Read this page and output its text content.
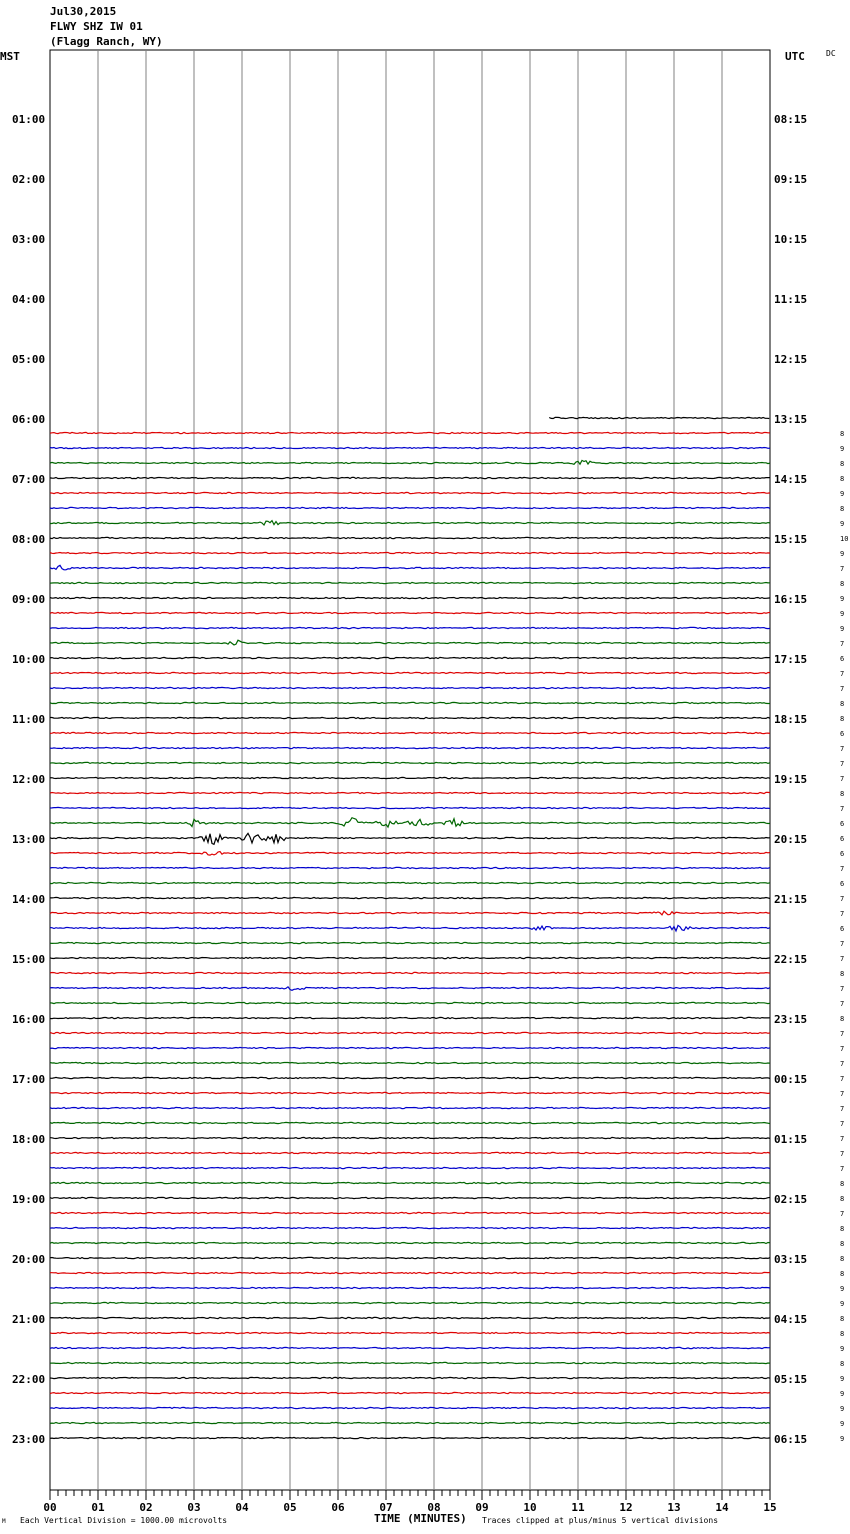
Jul30,2015
FLWY SHZ IW 01
(Flagg Ranch, WY)
MST	UTC	DC
00	01	02	03	04	05	06	07	08	09	10	11	12	13	14	15
01:00
02:00
03:00
04:00
05:00
06:00
07:00
08:00
09:00
10:00
11:00
12:00
13:00
14:00
15:00
16:00
17:00
18:00
19:00
20:00
21:00
22:00
23:00
08:15
09:15
10:15
11:15
12:15
13:15
14:15
15:15
16:15
17:15
18:15
19:15
20:15
21:15
22:15
23:15
00:15
01:15
02:15
03:15
04:15
05:15
06:15
8
9
8
8
9
8
9
10
9
7
8
9
9
9
7
6
7
7
8
8
6
7
7
7
8
7
6
6
6
7
6
7
7
6
7
7
8
7
7
8
7
7
7
7
7
7
7
7
7
7
8
8
7
8
8
8
8
9
9
8
8
9
8
9
9
9
9
9
M Each Vertical Division = 1000.00 microvolts	TIME (MINUTES) Traces clipped at plus/minus 5 vertical divisions
